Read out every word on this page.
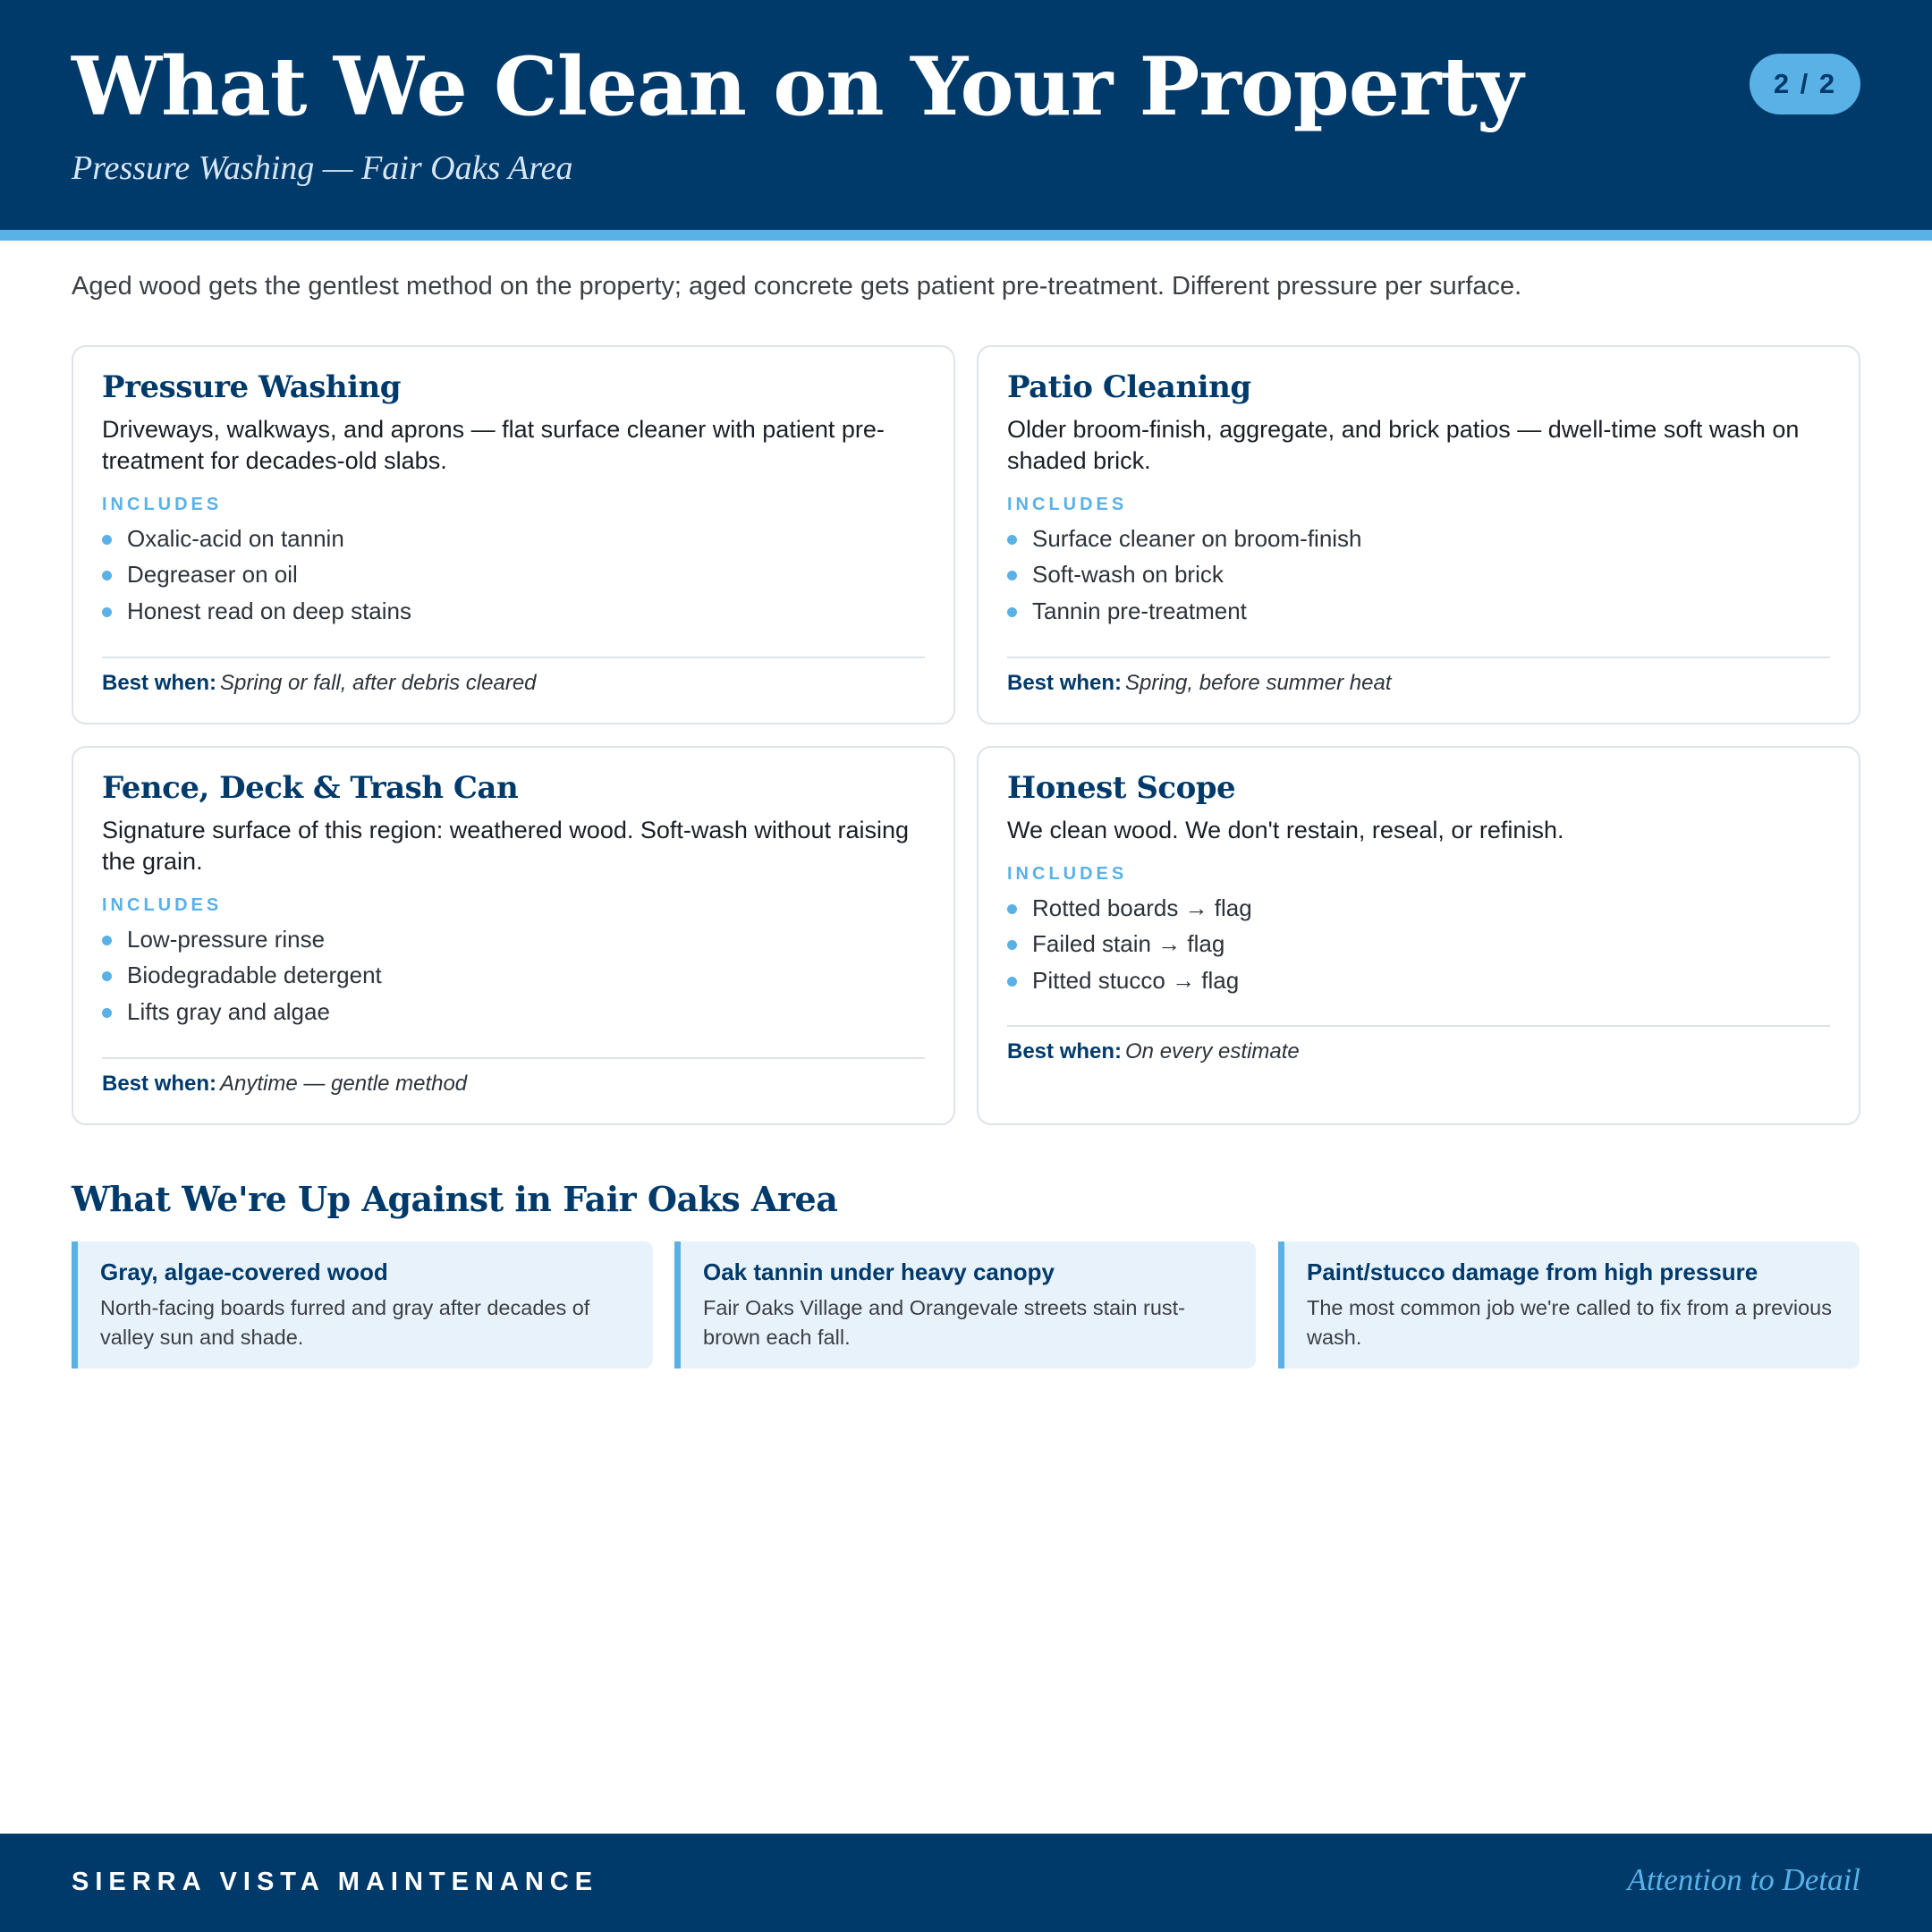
What We Clean on Your Property
Pressure Washing — Fair Oaks Area
2 / 2

Aged wood gets the gentlest method on the property; aged concrete gets patient pre-treatment. Different pressure per surface.

Pressure Washing

Driveways, walkways, and aprons — flat surface cleaner with patient pre-treatment for decades-old slabs.

INCLUDES
Oxalic-acid on tannin
Degreaser on oil
Honest read on deep stains
Best when: Spring or fall, after debris cleared
Patio Cleaning

Older broom-finish, aggregate, and brick patios — dwell-time soft wash on shaded brick.

INCLUDES
Surface cleaner on broom-finish
Soft-wash on brick
Tannin pre-treatment
Best when: Spring, before summer heat
Fence, Deck & Trash Can

Signature surface of this region: weathered wood. Soft-wash without raising the grain.

INCLUDES
Low-pressure rinse
Biodegradable detergent
Lifts gray and algae
Best when: Anytime — gentle method
Honest Scope

We clean wood. We don't restain, reseal, or refinish.

INCLUDES
Rotted boards → flag
Failed stain → flag
Pitted stucco → flag
Best when: On every estimate
What We're Up Against in Fair Oaks Area
Gray, algae-covered wood
North-facing boards furred and gray after decades of valley sun and shade.
Oak tannin under heavy canopy
Fair Oaks Village and Orangevale streets stain rust-brown each fall.
Paint/stucco damage from high pressure
The most common job we're called to fix from a previous wash.
SIERRA VISTA MAINTENANCE	Attention to Detail
